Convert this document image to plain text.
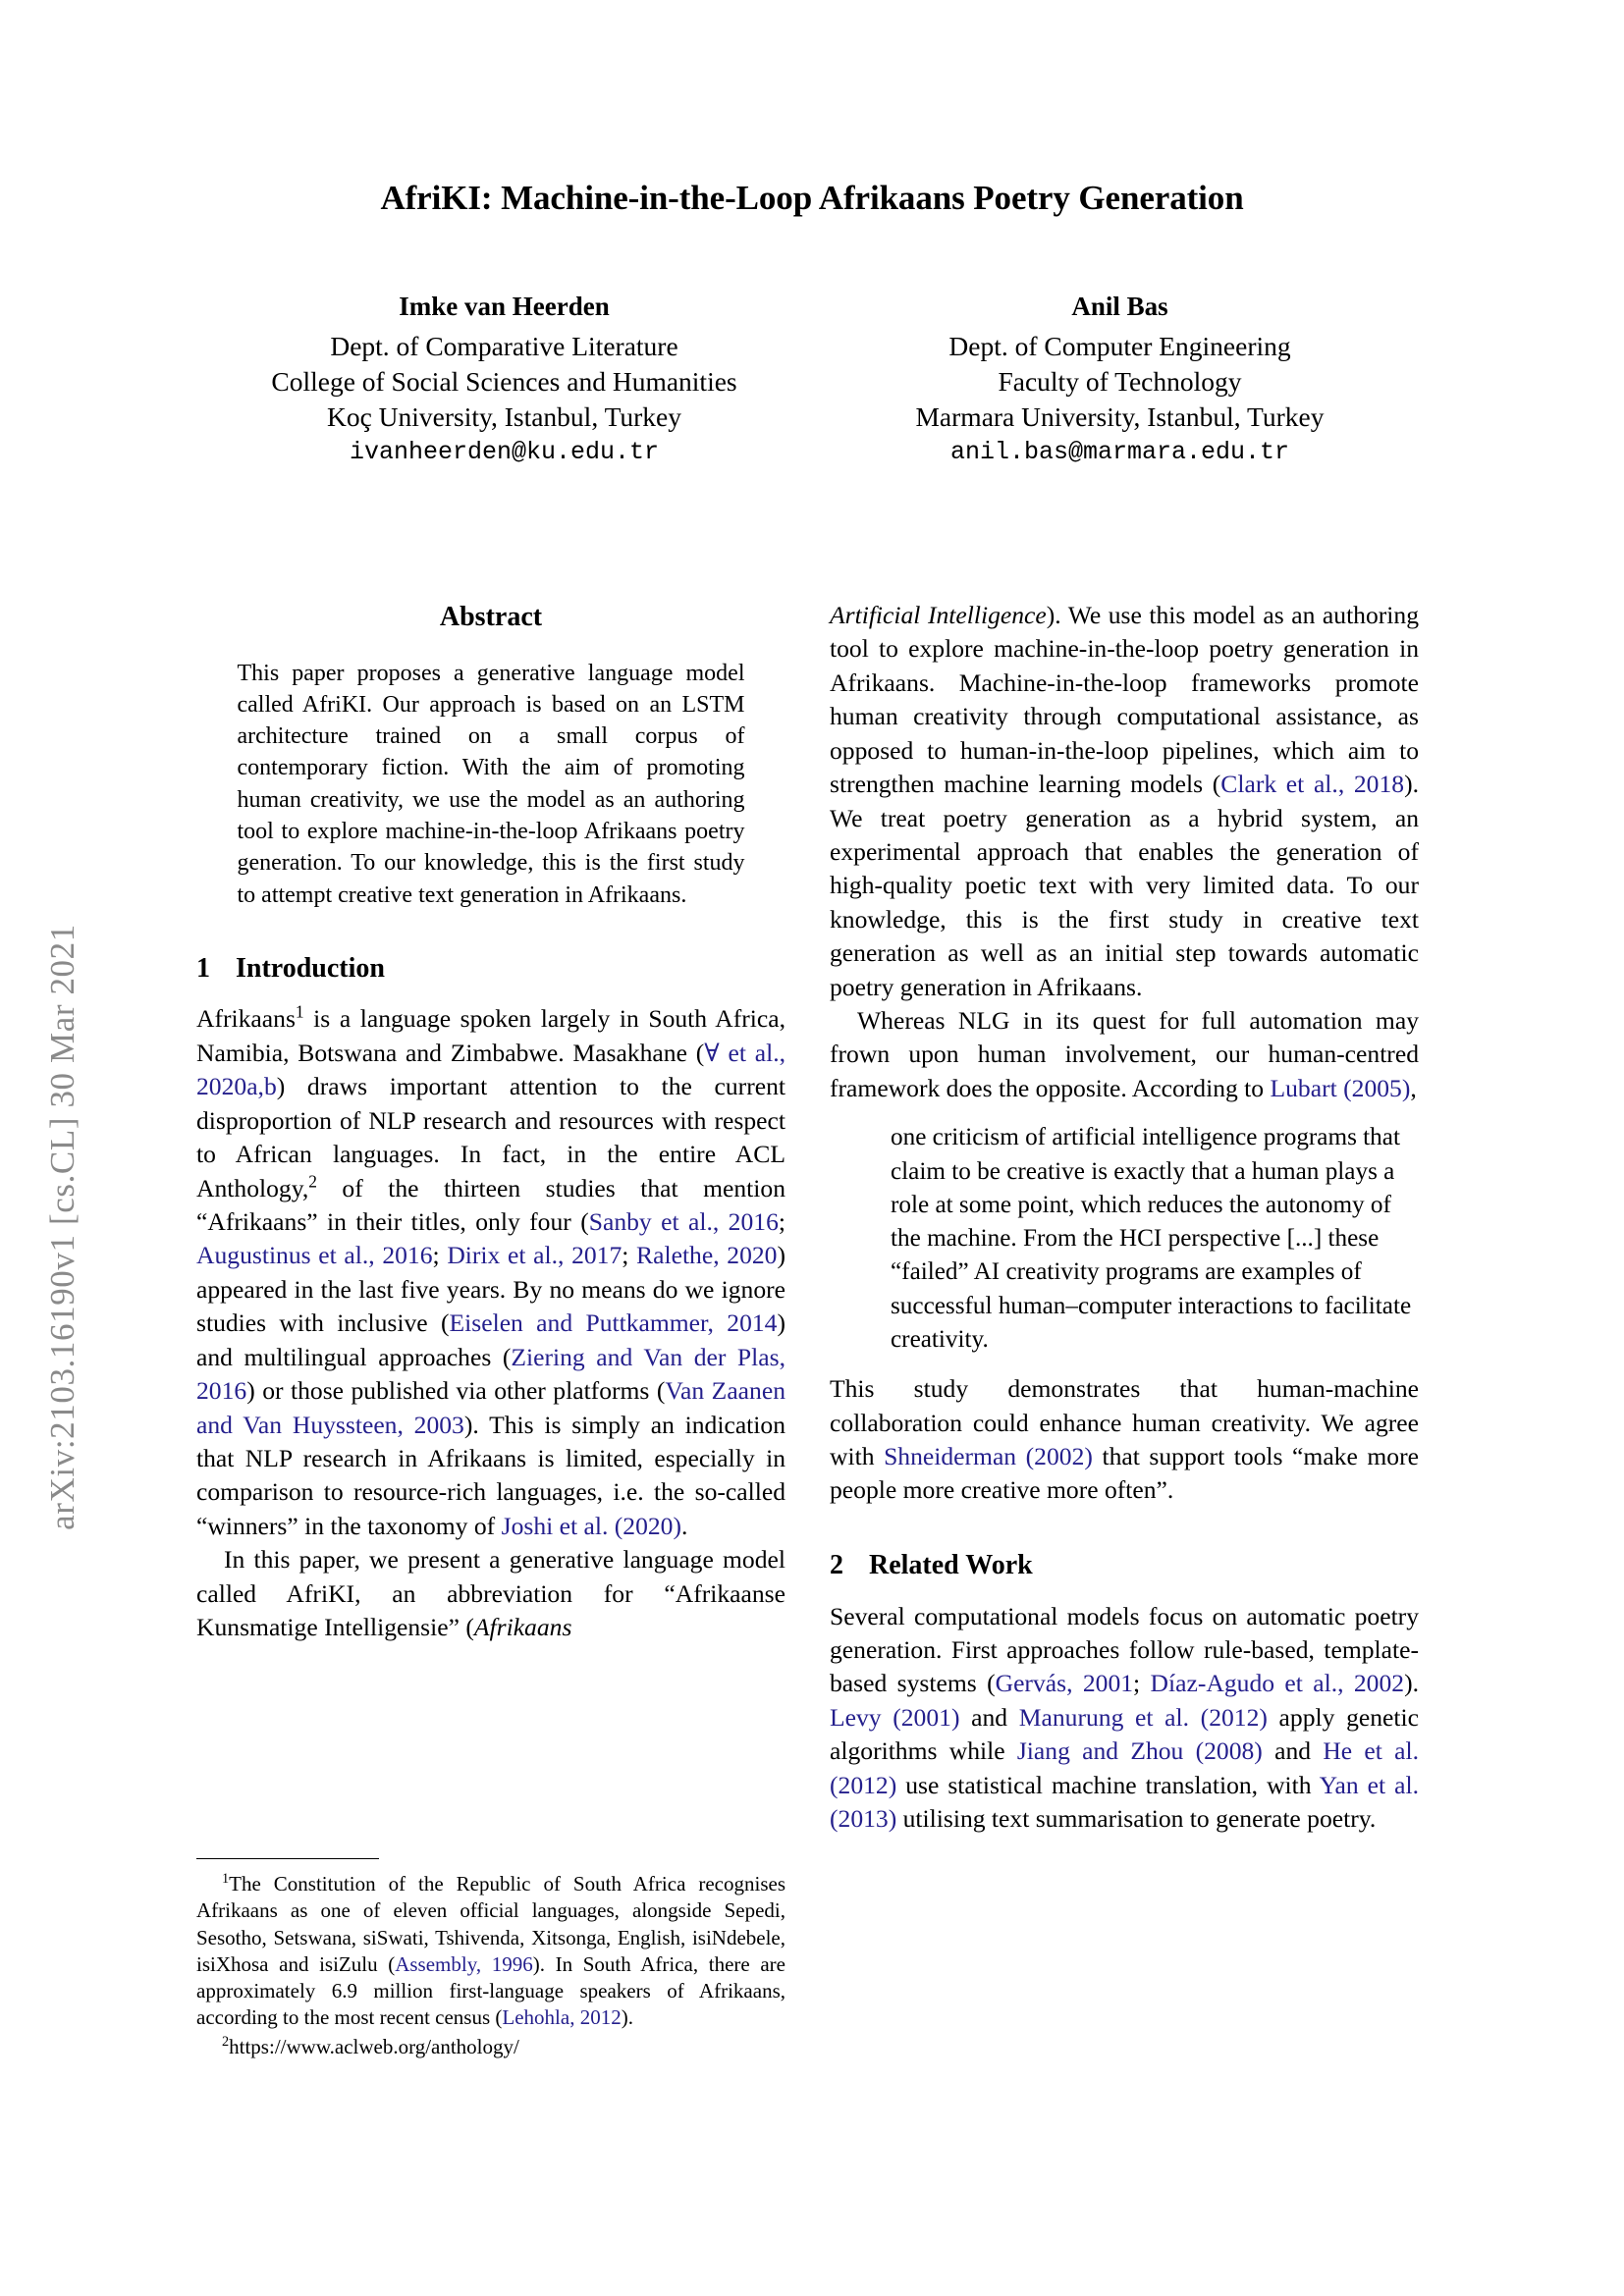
arXiv:2103.16190v1 [cs.CL] 30 Mar 2021
AfriKI: Machine-in-the-Loop Afrikaans Poetry Generation
Imke van Heerden
Dept. of Comparative Literature
College of Social Sciences and Humanities
Koç University, Istanbul, Turkey
ivanheerden@ku.edu.tr
Anil Bas
Dept. of Computer Engineering
Faculty of Technology
Marmara University, Istanbul, Turkey
anil.bas@marmara.edu.tr
Abstract
This paper proposes a generative language model called AfriKI. Our approach is based on an LSTM architecture trained on a small corpus of contemporary fiction. With the aim of promoting human creativity, we use the model as an authoring tool to explore machine-in-the-loop Afrikaans poetry generation. To our knowledge, this is the first study to attempt creative text generation in Afrikaans.
1 Introduction

Afrikaans$^1$ is a language spoken largely in South Africa, Namibia, Botswana and Zimbabwe. Masakhane (∀ et al., 2020a,b) draws important attention to the current disproportion of NLP research and resources with respect to African languages. In fact, in the entire ACL Anthology,$^2$ of the thirteen studies that mention “Afrikaans” in their titles, only four (Sanby et al., 2016; Augustinus et al., 2016; Dirix et al., 2017; Ralethe, 2020) appeared in the last five years. By no means do we ignore studies with inclusive (Eiselen and Puttkammer, 2014) and multilingual approaches (Ziering and Van der Plas, 2016) or those published via other platforms (Van Zaanen and Van Huyssteen, 2003). This is simply an indication that NLP research in Afrikaans is limited, especially in comparison to resource-rich languages, i.e. the so-called “winners” in the taxonomy of Joshi et al. (2020).

In this paper, we present a generative language model called AfriKI, an abbreviation for “Afrikaanse Kunsmatige Intelligensie” (Afrikaans

$^1$The Constitution of the Republic of South Africa recognises Afrikaans as one of eleven official languages, alongside Sepedi, Sesotho, Setswana, siSwati, Tshivenda, Xitsonga, English, isiNdebele, isiXhosa and isiZulu (Assembly, 1996). In South Africa, there are approximately 6.9 million first-language speakers of Afrikaans, according to the most recent census (Lehohla, 2012).

$^2$https://www.aclweb.org/anthology/

Artificial Intelligence). We use this model as an authoring tool to explore machine-in-the-loop poetry generation in Afrikaans. Machine-in-the-loop frameworks promote human creativity through computational assistance, as opposed to human-in-the-loop pipelines, which aim to strengthen machine learning models (Clark et al., 2018). We treat poetry generation as a hybrid system, an experimental approach that enables the generation of high-quality poetic text with very limited data. To our knowledge, this is the first study in creative text generation as well as an initial step towards automatic poetry generation in Afrikaans.

Whereas NLG in its quest for full automation may frown upon human involvement, our human-centred framework does the opposite. According to Lubart (2005),

one criticism of artificial intelligence programs that claim to be creative is exactly that a human plays a role at some point, which reduces the autonomy of the machine. From the HCI perspective [...] these “failed” AI creativity programs are examples of successful human–computer interactions to facilitate creativity.

This study demonstrates that human-machine collaboration could enhance human creativity. We agree with Shneiderman (2002) that support tools “make more people more creative more often”.

2 Related Work

Several computational models focus on automatic poetry generation. First approaches follow rule-based, template-based systems (Gervás, 2001; Díaz-Agudo et al., 2002). Levy (2001) and Manurung et al. (2012) apply genetic algorithms while Jiang and Zhou (2008) and He et al. (2012) use statistical machine translation, with Yan et al. (2013) utilising text summarisation to generate poetry.
